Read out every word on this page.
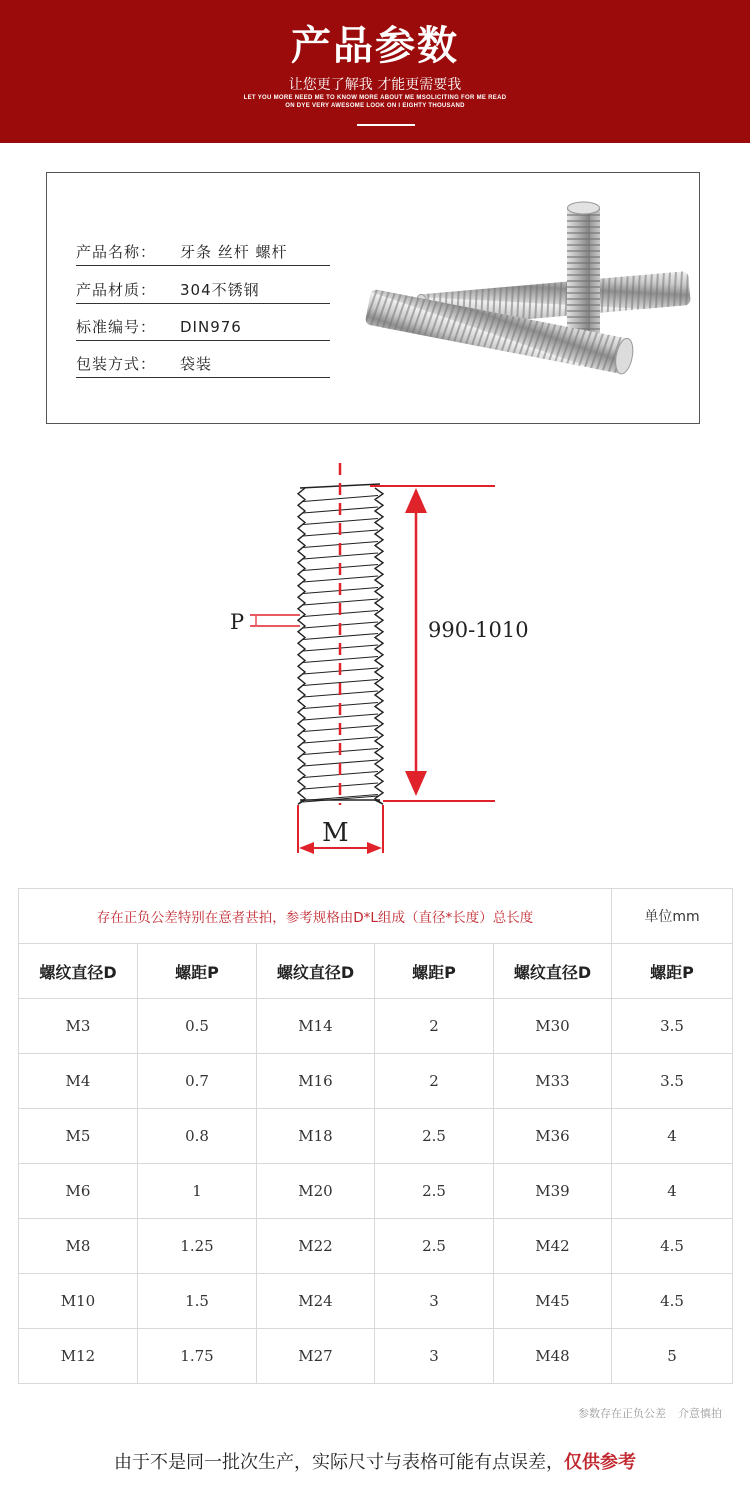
产品参数
让您更了解我 才能更需要我
LET YOU MORE NEED ME TO KNOW MORE ABOUT ME MSOLICITING FOR ME READ
ON DYE VERY AWESOME LOOK ON I EIGHTY THOUSAND
产品名称： 牙条 丝杆 螺杆
产品材质： 304不锈钢
标准编号： DIN976
包装方式： 袋装
990-1010
P
M
存在正负公差特别在意者甚拍，参考规格由D*L组成（直径*长度）总长度					单位mm
螺纹直径D	螺距P	螺纹直径D	螺距P	螺纹直径D	螺距P
M3	0.5	M14	2	M30	3.5
M4	0.7	M16	2	M33	3.5
M5	0.8	M18	2.5	M36	4
M6	1	M20	2.5	M39	4
M8	1.25	M22	2.5	M42	4.5
M10	1.5	M24	3	M45	4.5
M12	1.75	M27	3	M48	5
参数存在正负公差 介意慎拍
由于不是同一批次生产，实际尺寸与表格可能有点误差，仅供参考
